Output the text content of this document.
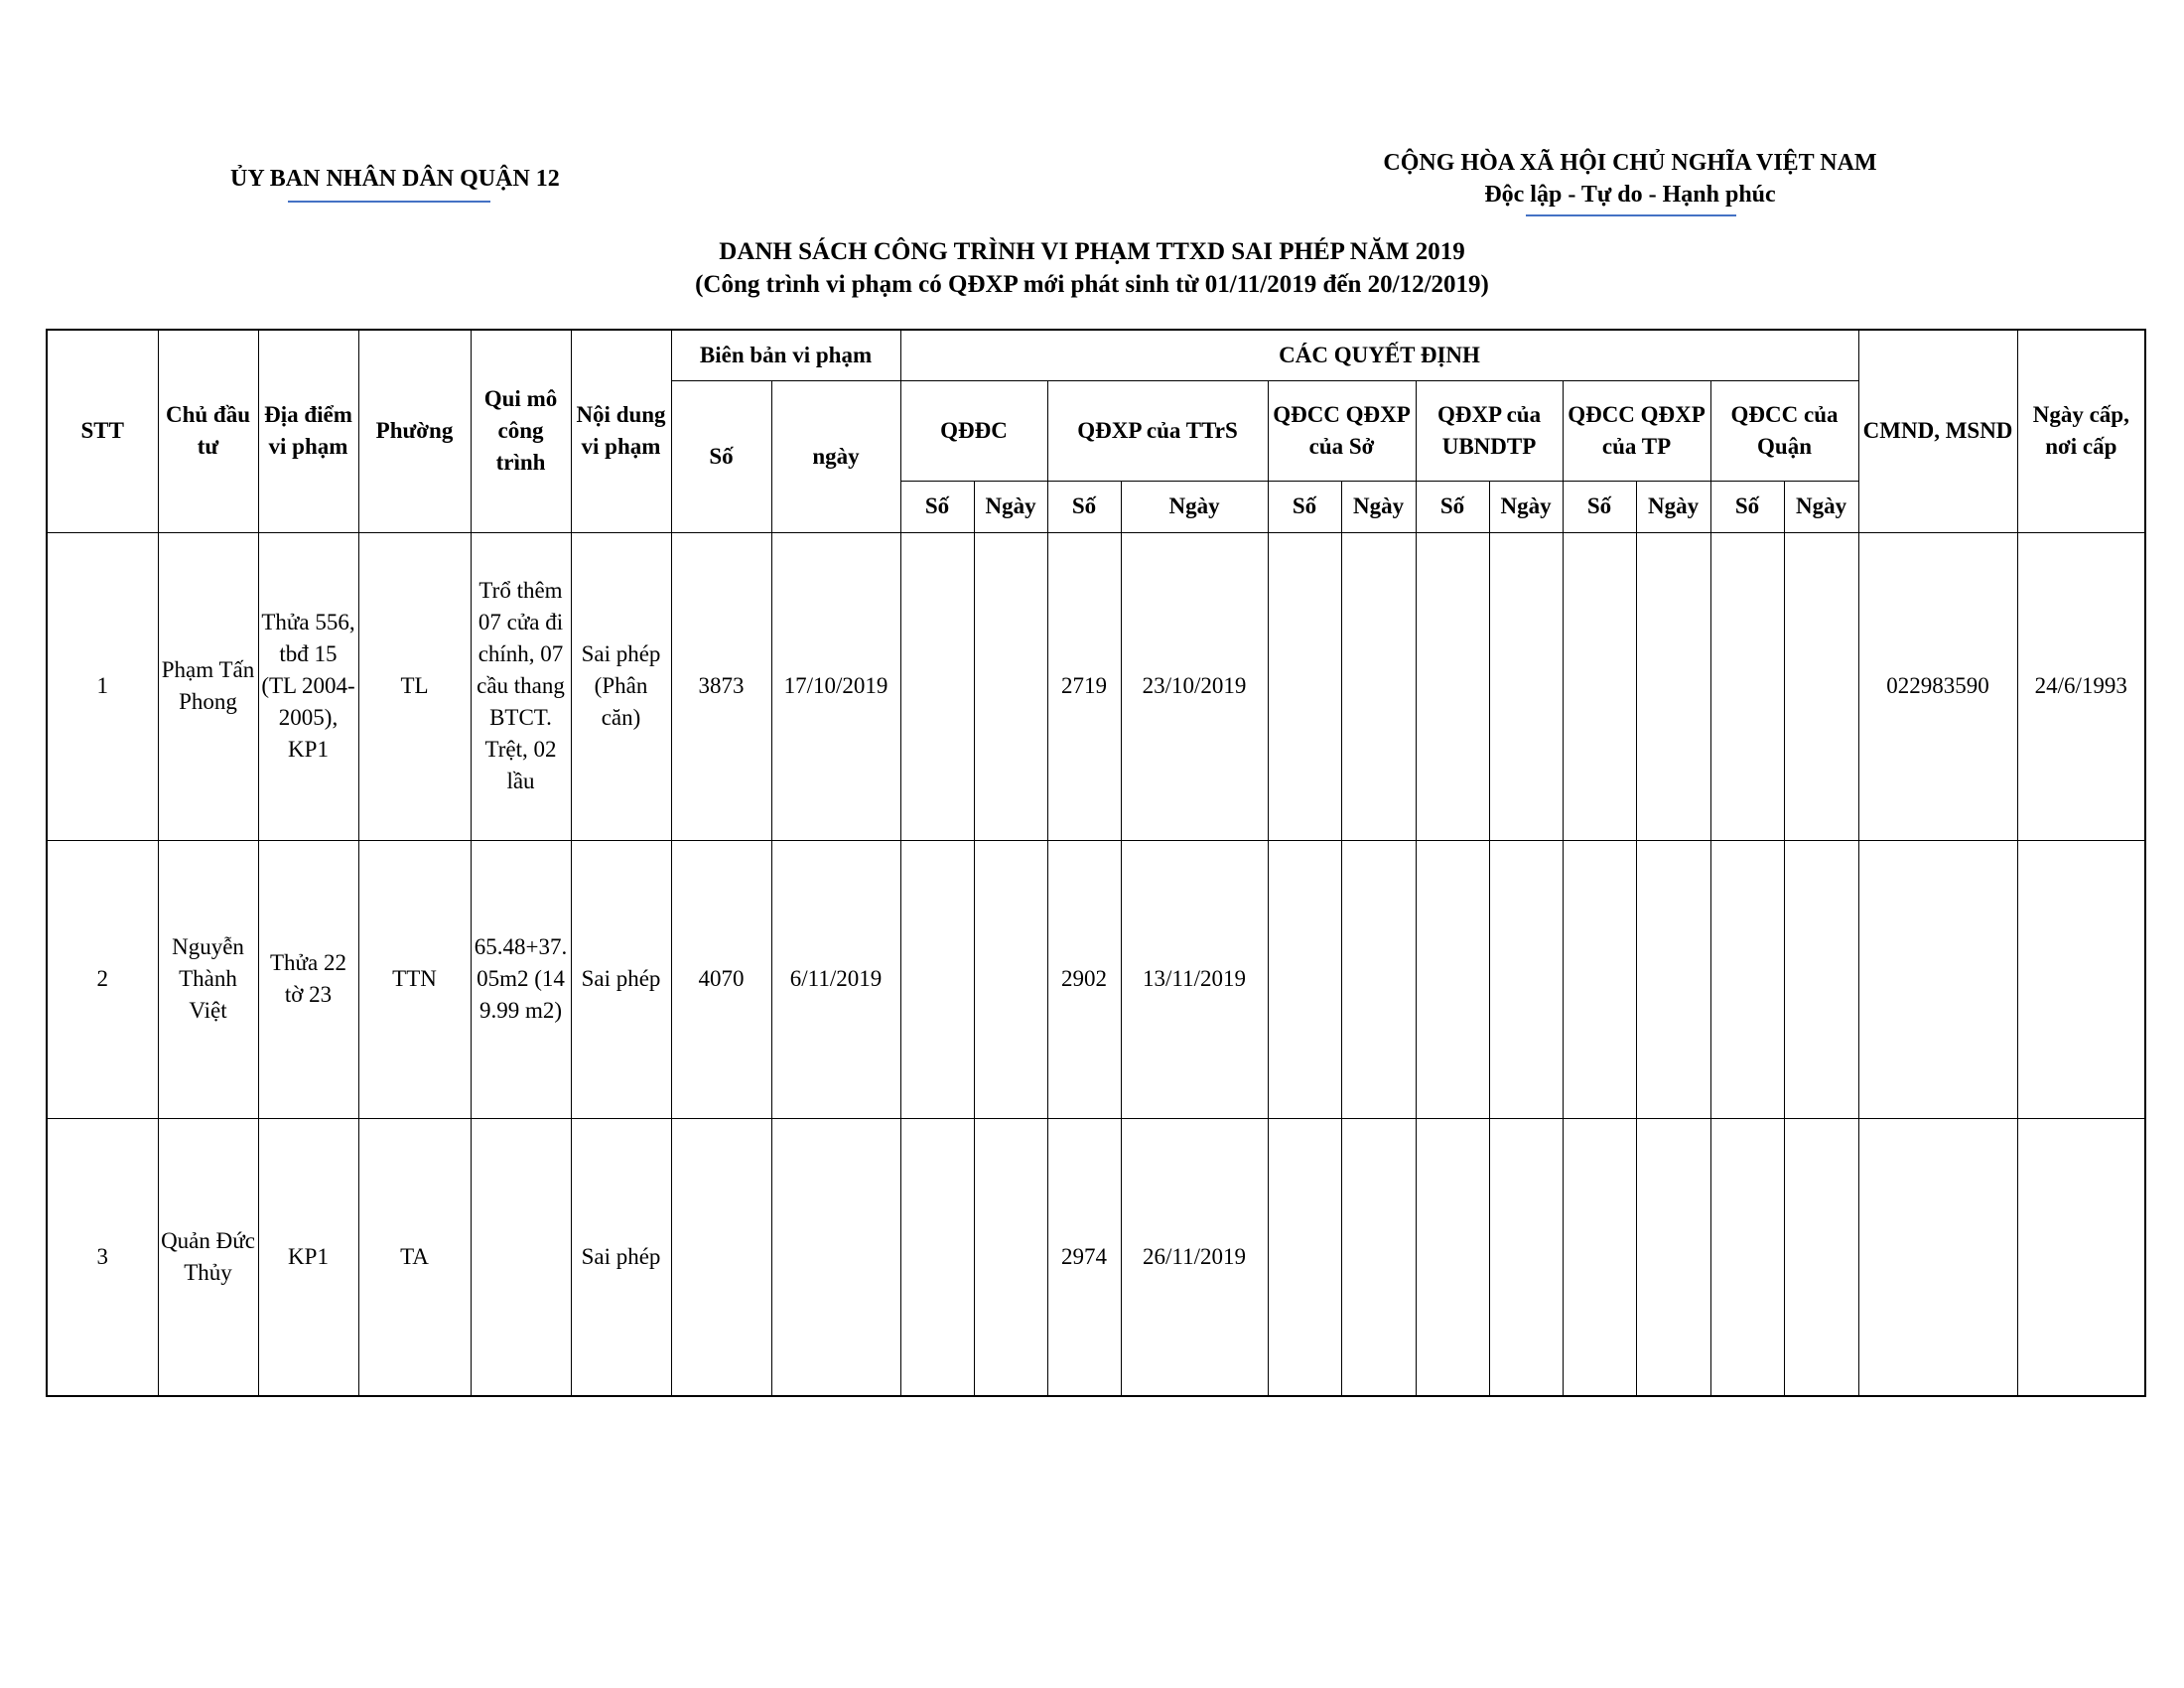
ỦY BAN NHÂN DÂN QUẬN 12
CỘNG HÒA XÃ HỘI CHỦ NGHĨA VIỆT NAM
Độc lập - Tự do - Hạnh phúc
DANH SÁCH CÔNG TRÌNH VI PHẠM TTXD SAI PHÉP NĂM 2019
(Công trình vi phạm có QĐXP mới phát sinh từ 01/11/2019 đến 20/12/2019)
STT	Chủ đầu tư	Địa điểm vi phạm	Phường	Qui mô công trình	Nội dung vi phạm	Biên bản vi phạm		CÁC QUYẾT ĐỊNH												CMND, MSND	Ngày cấp, nơi cấp
						Số	ngày	QĐĐC		QĐXP của TTrS		QĐCC QĐXP của Sở		QĐXP của UBNDTP		QĐCC QĐXP của TP		QĐCC của Quận			
								Số	Ngày	Số	Ngày	Số	Ngày	Số	Ngày	Số	Ngày	Số	Ngày		
1	Phạm Tấn Phong	Thửa 556, tbđ 15 (TL 2004-2005), KP1	TL	Trổ thêm 07 cửa đi chính, 07 cầu thang BTCT. Trệt, 02 lầu	Sai phép (Phân căn)	3873	17/10/2019			2719	23/10/2019									022983590	24/6/1993
2	Nguyễn Thành Việt	Thửa 22 tờ 23	TTN	65.48+37.05m2 (149.99 m2)	Sai phép	4070	6/11/2019			2902	13/11/2019										
3	Quản Đức Thủy	KP1	TA		Sai phép					2974	26/11/2019										
